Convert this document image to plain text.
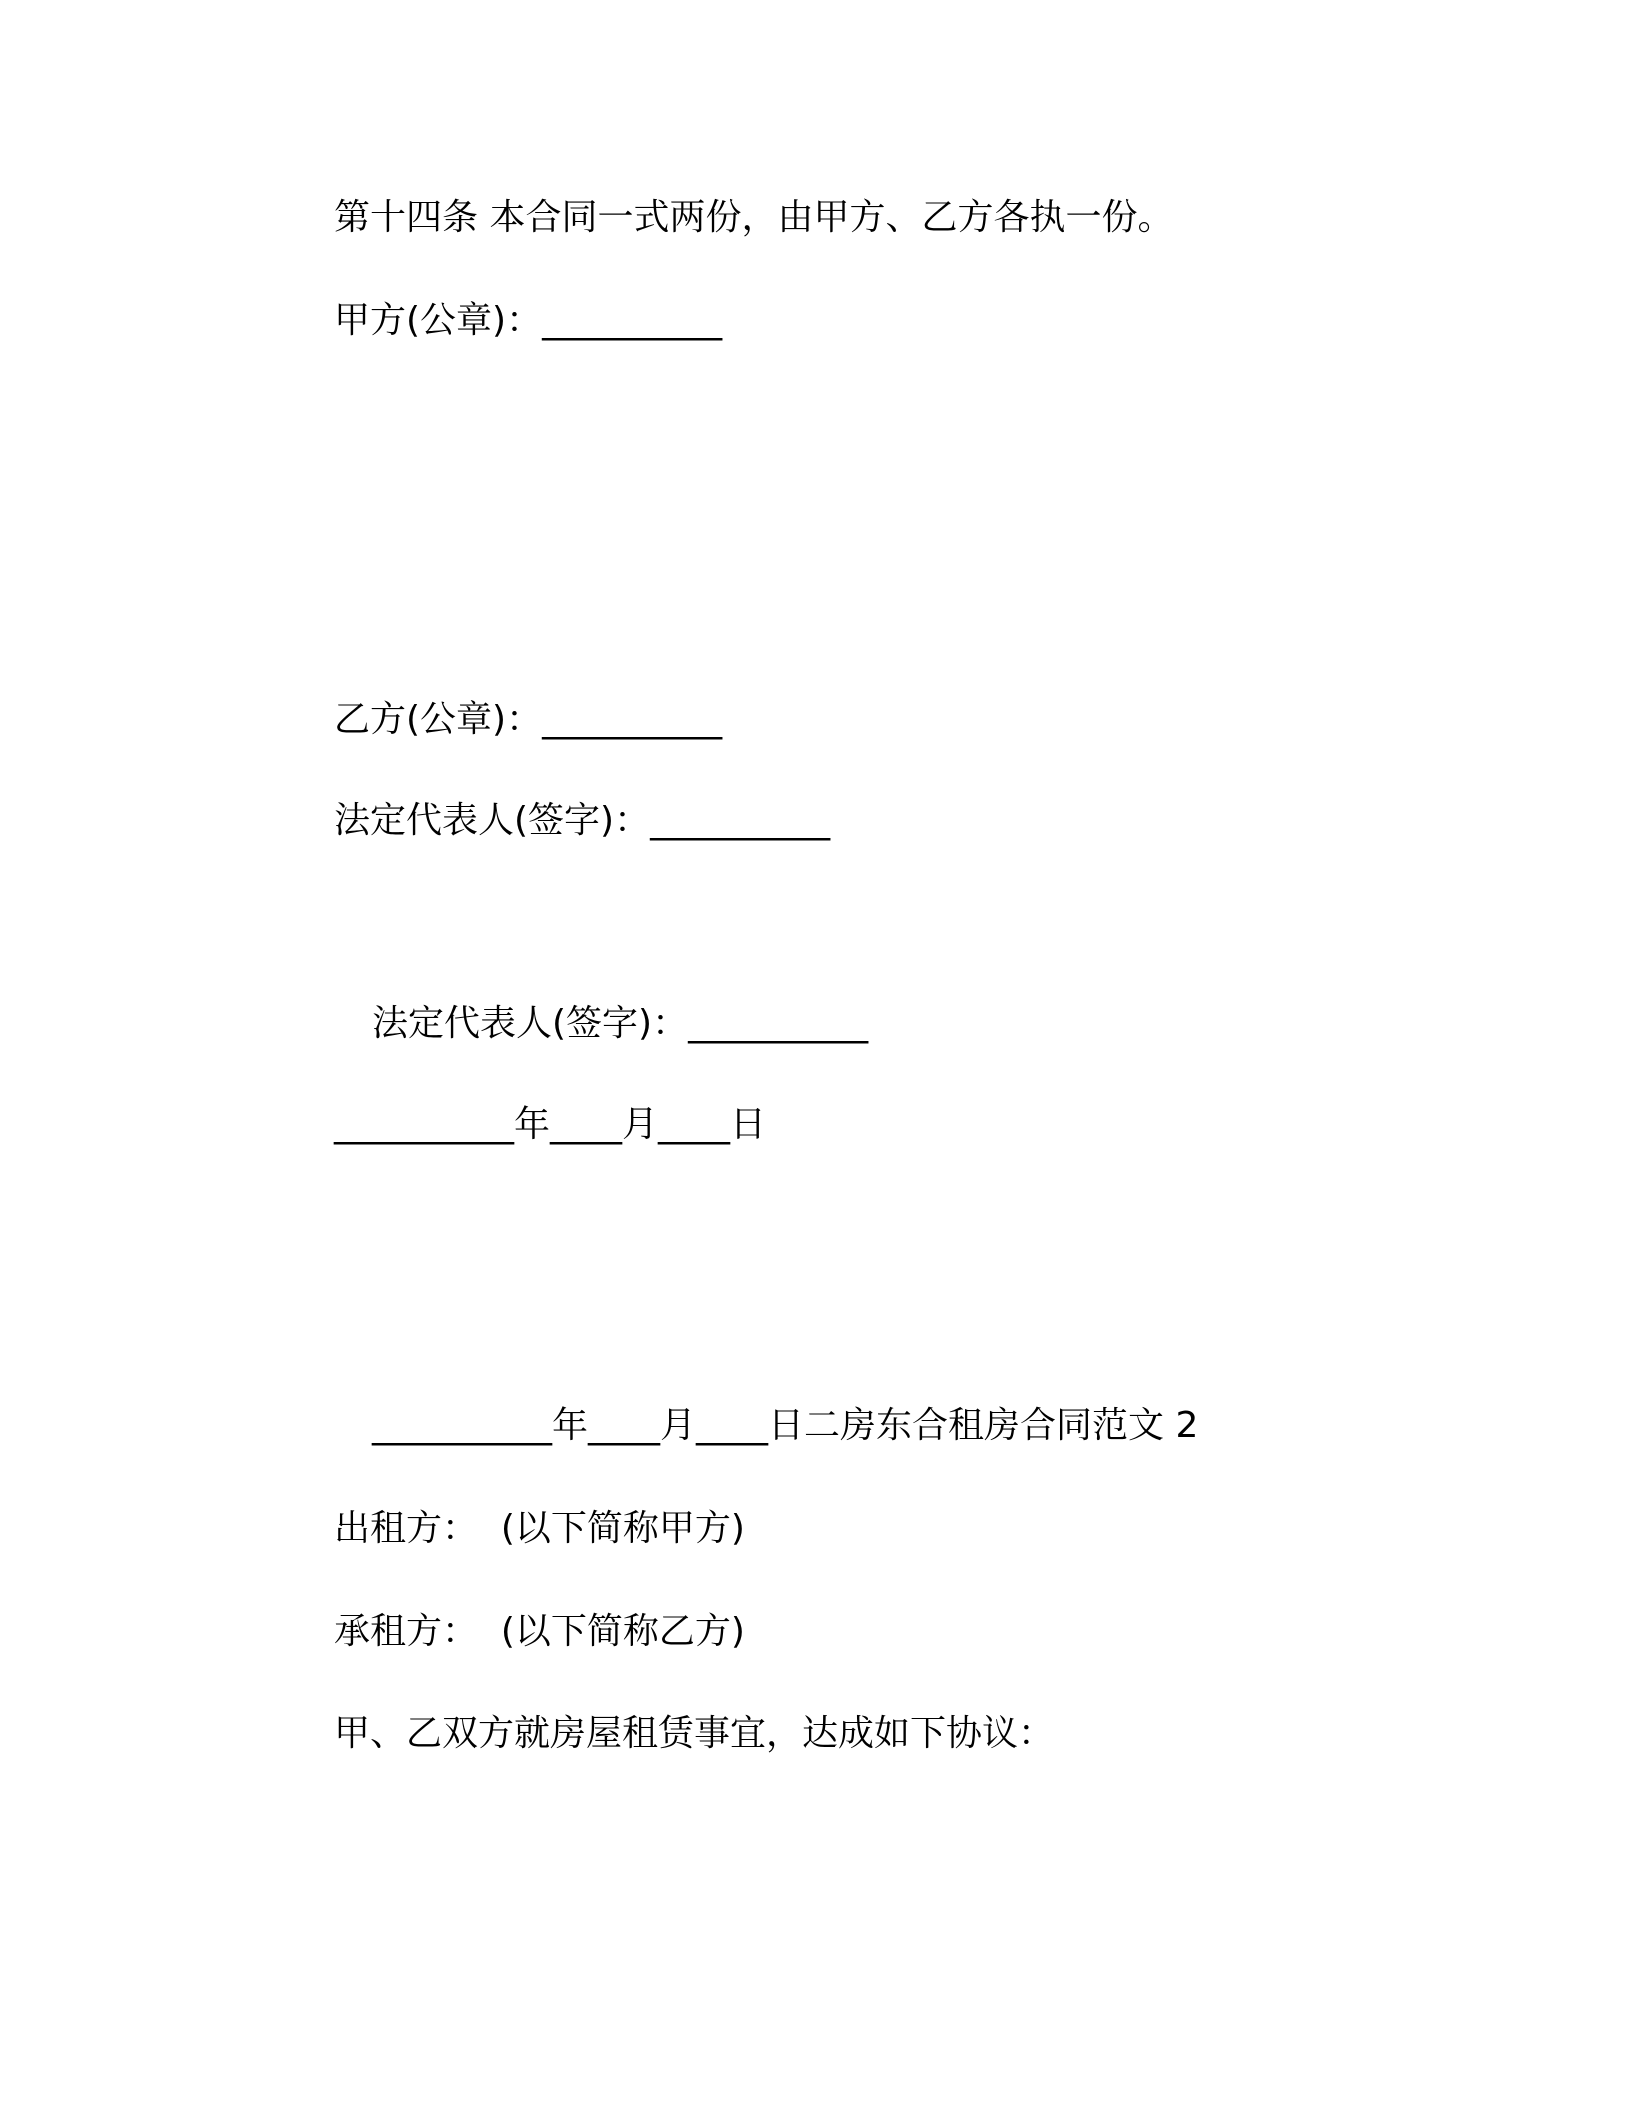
第十四条 本合同一式两份，由甲方、乙方各执一份。
甲方(公章)：__________
乙方(公章)：__________
法定代表人(签字)：__________
法定代表人(签字)：__________
__________年____月____日
__________年____月____日二房东合租房合同范文 2
出租方：  (以下简称甲方)
承租方：  (以下简称乙方)
甲、乙双方就房屋租赁事宜，达成如下协议：
